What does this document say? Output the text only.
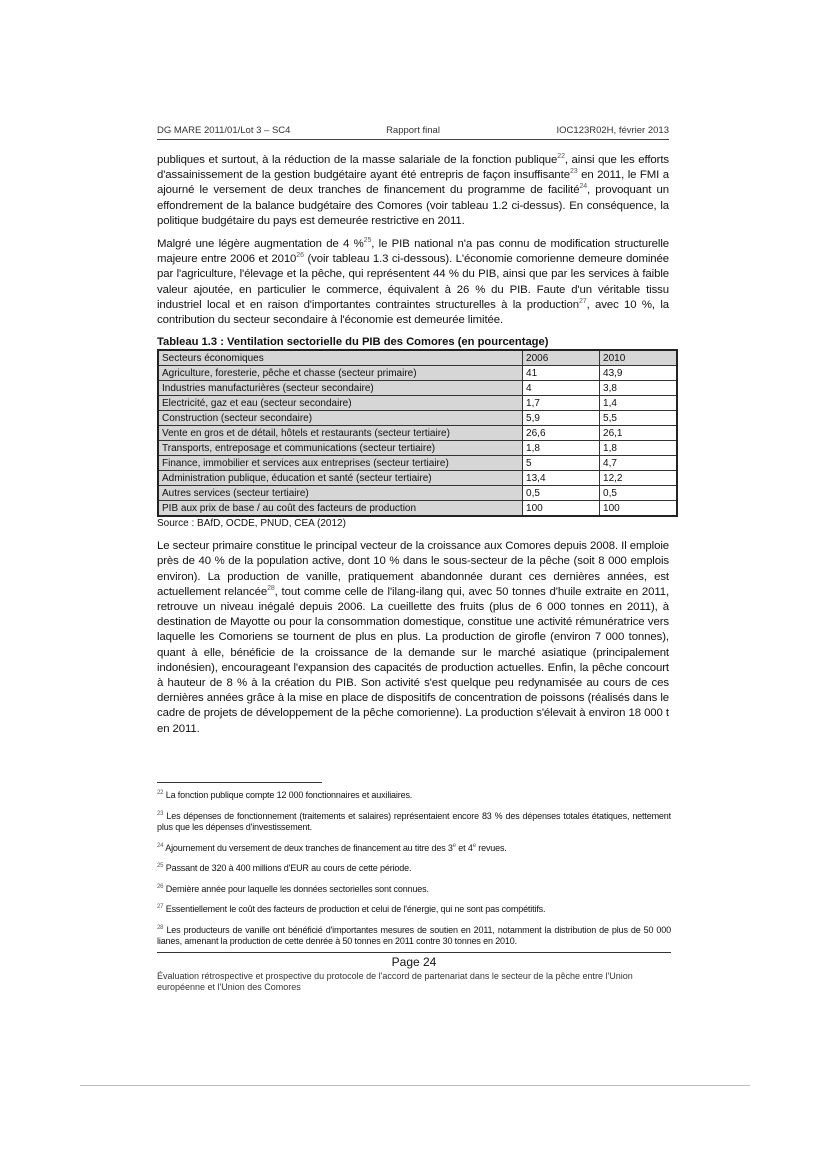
DG MARE 2011/01/Lot 3 – SC4	Rapport final	IOC123R02H, février 2013

publiques et surtout, à la réduction de la masse salariale de la fonction publique$^{22}$, ainsi que les efforts d'assainissement de la gestion budgétaire ayant été entrepris de façon insuffisante$^{23}$ en 2011, le FMI a ajourné le versement de deux tranches de financement du programme de facilité$^{24}$, provoquant un effondrement de la balance budgétaire des Comores (voir tableau 1.2 ci-dessus). En conséquence, la politique budgétaire du pays est demeurée restrictive en 2011.

Malgré une légère augmentation de 4 %$^{25}$, le PIB national n'a pas connu de modification structurelle majeure entre 2006 et 2010$^{26}$ (voir tableau 1.3 ci-dessous). L'économie comorienne demeure dominée par l'agriculture, l'élevage et la pêche, qui représentent 44 % du PIB, ainsi que par les services à faible valeur ajoutée, en particulier le commerce, équivalent à 26 % du PIB. Faute d'un véritable tissu industriel local et en raison d'importantes contraintes structurelles à la production$^{27}$, avec 10 %, la contribution du secteur secondaire à l'économie est demeurée limitée.

Tableau 1.3 : Ventilation sectorielle du PIB des Comores (en pourcentage)
Secteurs économiques	2006	2010
Agriculture, foresterie, pêche et chasse (secteur primaire)	41	43,9
Industries manufacturières (secteur secondaire)	4	3,8
Electricité, gaz et eau (secteur secondaire)	1,7	1,4
Construction (secteur secondaire)	5,9	5,5
Vente en gros et de détail, hôtels et restaurants (secteur tertiaire)	26,6	26,1
Transports, entreposage et communications (secteur tertiaire)	1,8	1,8
Finance, immobilier et services aux entreprises (secteur tertiaire)	5	4,7
Administration publique, éducation et santé (secteur tertiaire)	13,4	12,2
Autres services (secteur tertiaire)	0,5	0,5
PIB aux prix de base / au coût des facteurs de production	100	100
Source : BAfD, OCDE, PNUD, CEA (2012)

Le secteur primaire constitue le principal vecteur de la croissance aux Comores depuis 2008. Il emploie près de 40 % de la population active, dont 10 % dans le sous-secteur de la pêche (soit 8 000 emplois environ). La production de vanille, pratiquement abandonnée durant ces dernières années, est actuellement relancée$^{28}$, tout comme celle de l'ilang-ilang qui, avec 50 tonnes d'huile extraite en 2011, retrouve un niveau inégalé depuis 2006. La cueillette des fruits (plus de 6 000 tonnes en 2011), à destination de Mayotte ou pour la consommation domestique, constitue une activité rémunératrice vers laquelle les Comoriens se tournent de plus en plus. La production de girofle (environ 7 000 tonnes), quant à elle, bénéficie de la croissance de la demande sur le marché asiatique (principalement indonésien), encourageant l'expansion des capacités de production actuelles. Enfin, la pêche concourt à hauteur de 8 % à la création du PIB. Son activité s'est quelque peu redynamisée au cours de ces dernières années grâce à la mise en place de dispositifs de concentration de poissons (réalisés dans le cadre de projets de développement de la pêche comorienne). La production s'élevait à environ 18 000 t en 2011.

$^{22}$ La fonction publique compte 12 000 fonctionnaires et auxiliaires.

$^{23}$ Les dépenses de fonctionnement (traitements et salaires) représentaient encore 83 % des dépenses totales étatiques, nettement plus que les dépenses d'investissement.

$^{24}$ Ajournement du versement de deux tranches de financement au titre des 3e et 4e revues.

$^{25}$ Passant de 320 à 400 millions d'EUR au cours de cette période.

$^{26}$ Dernière année pour laquelle les données sectorielles sont connues.

$^{27}$ Essentiellement le coût des facteurs de production et celui de l'énergie, qui ne sont pas compétitifs.

$^{28}$ Les producteurs de vanille ont bénéficié d'importantes mesures de soutien en 2011, notamment la distribution de plus de 50 000 lianes, amenant la production de cette denrée à 50 tonnes en 2011 contre 30 tonnes en 2010.

Page 24
Évaluation rétrospective et prospective du protocole de l'accord de partenariat dans le secteur de la pêche entre l'Union européenne et l'Union des Comores
